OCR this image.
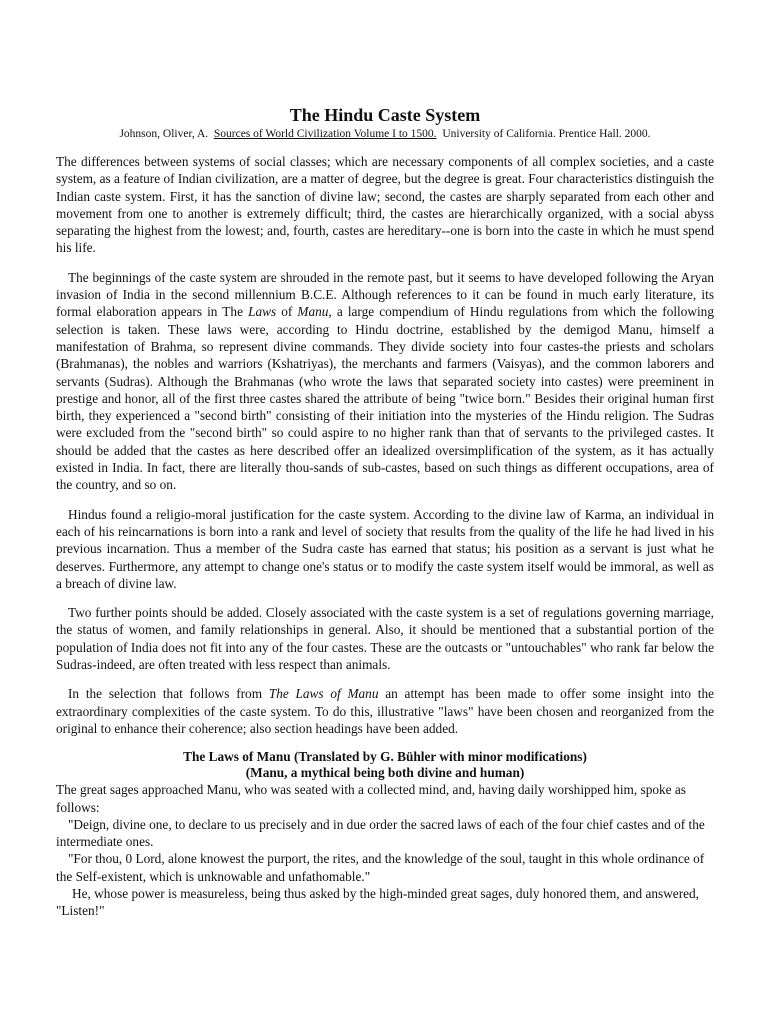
The Hindu Caste System
Johnson, Oliver, A. Sources of World Civilization Volume I to 1500. University of California. Prentice Hall. 2000.

The differences between systems of social classes; which are necessary components of all complex societies, and a caste system, as a feature of Indian civilization, are a matter of degree, but the degree is great. Four characteristics distinguish the Indian caste system. First, it has the sanction of divine law; second, the castes are sharply separated from each other and movement from one to another is extremely difficult; third, the castes are hierarchically organized, with a social abyss separating the highest from the lowest; and, fourth, castes are hereditary--one is born into the caste in which he must spend his life.

The beginnings of the caste system are shrouded in the remote past, but it seems to have developed following the Aryan invasion of India in the second millennium B.C.E. Although references to it can be found in much early literature, its formal elaboration appears in The Laws of Manu, a large compendium of Hindu regulations from which the following selection is taken. These laws were, according to Hindu doctrine, established by the demigod Manu, himself a manifestation of Brahma, so represent divine commands. They divide society into four castes-the priests and scholars (Brahmanas), the nobles and warriors (Kshatriyas), the merchants and farmers (Vaisyas), and the common laborers and servants (Sudras). Although the Brahmanas (who wrote the laws that separated society into castes) were preeminent in prestige and honor, all of the first three castes shared the attribute of being "twice born." Besides their original human first birth, they experienced a "second birth" consisting of their initiation into the mysteries of the Hindu religion. The Sudras were excluded from the "second birth" so could aspire to no higher rank than that of servants to the privileged castes. It should be added that the castes as here described offer an idealized oversimplification of the system, as it has actually existed in India. In fact, there are literally thou-sands of sub-castes, based on such things as different occupations, area of the country, and so on.

Hindus found a religio-moral justification for the caste system. According to the divine law of Karma, an individual in each of his reincarnations is born into a rank and level of society that results from the quality of the life he had lived in his previous incarnation. Thus a member of the Sudra caste has earned that status; his position as a servant is just what he deserves. Furthermore, any attempt to change one's status or to modify the caste system itself would be immoral, as well as a breach of divine law.

Two further points should be added. Closely associated with the caste system is a set of regulations governing marriage, the status of women, and family relationships in general. Also, it should be mentioned that a substantial portion of the population of India does not fit into any of the four castes. These are the outcasts or "untouchables" who rank far below the Sudras-indeed, are often treated with less respect than animals.

In the selection that follows from The Laws of Manu an attempt has been made to offer some insight into the extraordinary complexities of the caste system. To do this, illustrative "laws" have been chosen and reorganized from the original to enhance their coherence; also section headings have been added.

The Laws of Manu (Translated by G. Bühler with minor modifications)
(Manu, a mythical being both divine and human)

The great sages approached Manu, who was seated with a collected mind, and, having daily worshipped him, spoke as follows:

"Deign, divine one, to declare to us precisely and in due order the sacred laws of each of the four chief castes and of the intermediate ones.

"For thou, 0 Lord, alone knowest the purport, the rites, and the knowledge of the soul, taught in this whole ordinance of the Self-existent, which is unknowable and unfathomable."

He, whose power is measureless, being thus asked by the high-minded great sages, duly honored them, and answered, "Listen!"
